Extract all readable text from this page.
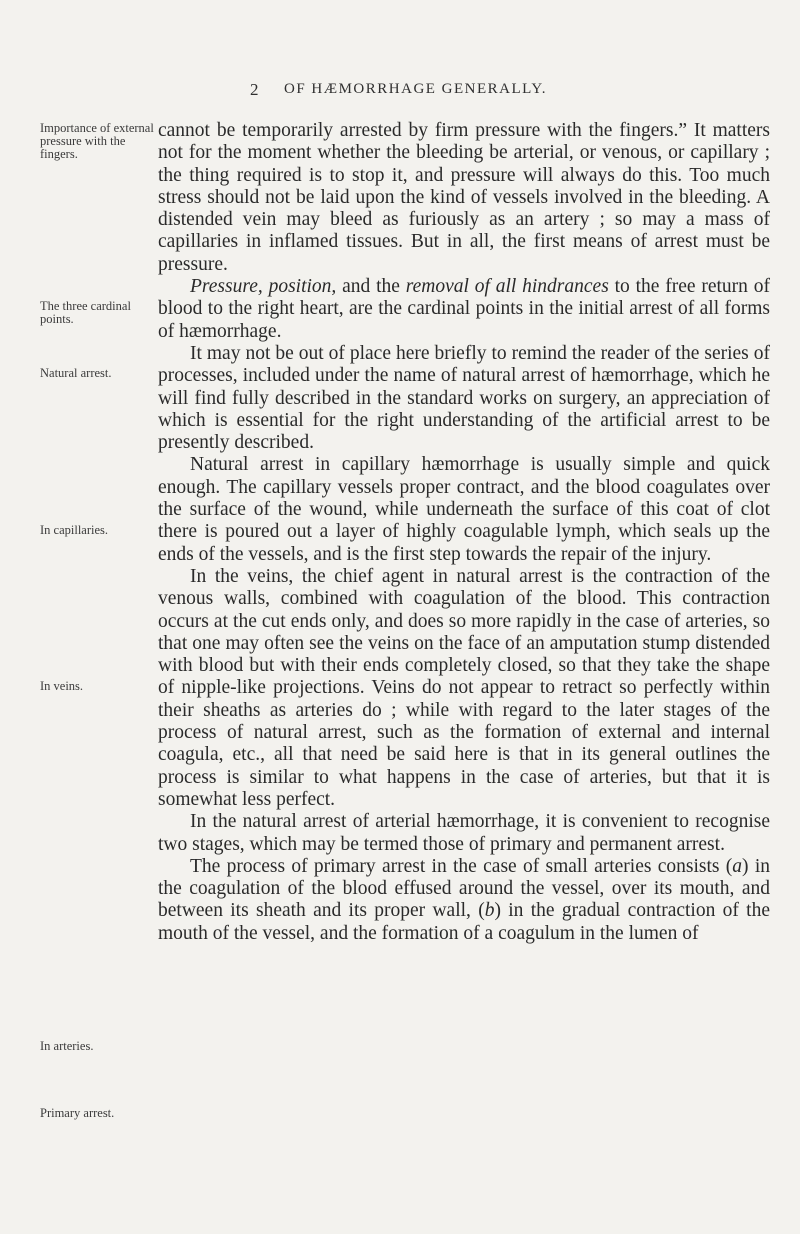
2 OF HÆMORRHAGE GENERALLY.
Importance of external pressure with the fingers.
The three cardinal points.
Natural arrest.
In capillaries.
In veins.
In arteries.
Primary arrest.

cannot be temporarily arrested by firm pressure with the fingers.” It matters not for the moment whether the bleeding be arterial, or venous, or capillary ; the thing required is to stop it, and pressure will always do this. Too much stress should not be laid upon the kind of vessels involved in the bleeding. A distended vein may bleed as furiously as an artery ; so may a mass of capillaries in inflamed tissues. But in all, the first means of arrest must be pressure.

Pressure, position, and the removal of all hindrances to the free return of blood to the right heart, are the cardinal points in the initial arrest of all forms of hæmorrhage.

It may not be out of place here briefly to remind the reader of the series of processes, included under the name of natural arrest of hæmorrhage, which he will find fully described in the standard works on surgery, an appreciation of which is essential for the right understanding of the artificial arrest to be presently described.

Natural arrest in capillary hæmorrhage is usually simple and quick enough. The capillary vessels proper contract, and the blood coagulates over the surface of the wound, while underneath the surface of this coat of clot there is poured out a layer of highly coagulable lymph, which seals up the ends of the vessels, and is the first step towards the repair of the injury.

In the veins, the chief agent in natural arrest is the contraction of the venous walls, combined with coagulation of the blood. This contraction occurs at the cut ends only, and does so more rapidly in the case of arteries, so that one may often see the veins on the face of an amputation stump distended with blood but with their ends completely closed, so that they take the shape of nipple-like projections. Veins do not appear to retract so perfectly within their sheaths as arteries do ; while with regard to the later stages of the process of natural arrest, such as the formation of external and internal coagula, etc., all that need be said here is that in its general outlines the process is similar to what happens in the case of arteries, but that it is somewhat less perfect.

In the natural arrest of arterial hæmorrhage, it is convenient to recognise two stages, which may be termed those of primary and permanent arrest.

The process of primary arrest in the case of small arteries consists (a) in the coagulation of the blood effused around the vessel, over its mouth, and between its sheath and its proper wall, (b) in the gradual contraction of the mouth of the vessel, and the formation of a coagulum in the lumen of
